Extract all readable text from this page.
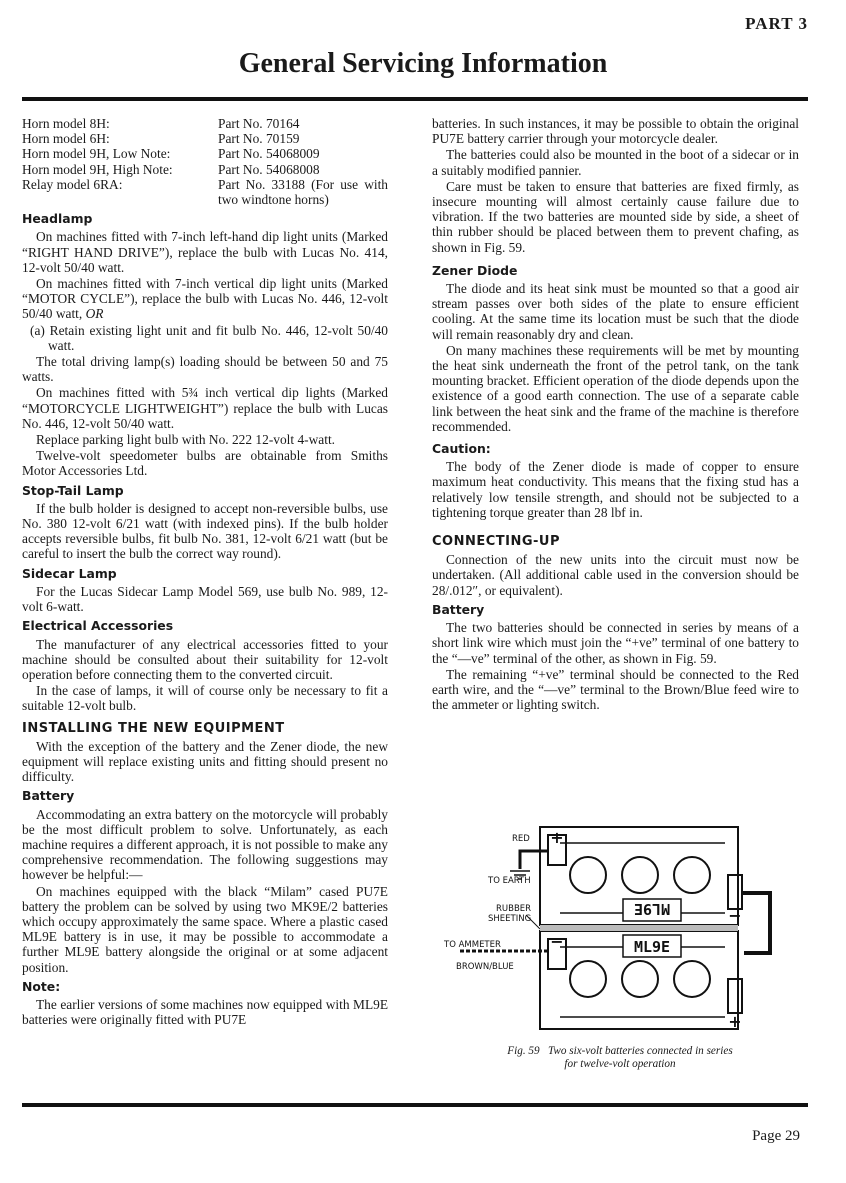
PART 3
General Servicing Information
Horn model 8H:	Part No. 70164
Horn model 6H:	Part No. 70159
Horn model 9H, Low Note:	Part No. 54068009
Horn model 9H, High Note:	Part No. 54068008
Relay model 6RA:	Part No. 33188 (For use with two windtone horns)
Headlamp
On machines fitted with 7-inch left-hand dip light units (Marked “RIGHT HAND DRIVE”), replace the bulb with Lucas No. 414, 12-volt 50/40 watt.
On machines fitted with 7-inch vertical dip light units (Marked “MOTOR CYCLE”), replace the bulb with Lucas No. 446, 12-volt 50/40 watt, OR
(a) Retain existing light unit and fit bulb No. 446, 12-volt 50/40 watt.
The total driving lamp(s) loading should be between 50 and 75 watts.
On machines fitted with 5¾ inch vertical dip lights (Marked “MOTORCYCLE LIGHTWEIGHT”) replace the bulb with Lucas No. 446, 12-volt 50/40 watt.
Replace parking light bulb with No. 222 12-volt 4-watt.
Twelve-volt speedometer bulbs are obtainable from Smiths Motor Accessories Ltd.
Stop-Tail Lamp
If the bulb holder is designed to accept non-reversible bulbs, use No. 380 12-volt 6/21 watt (with indexed pins). If the bulb holder accepts reversible bulbs, fit bulb No. 381, 12-volt 6/21 watt (but be careful to insert the bulb the correct way round).
Sidecar Lamp
For the Lucas Sidecar Lamp Model 569, use bulb No. 989, 12-volt 6-watt.
Electrical Accessories
The manufacturer of any electrical accessories fitted to your machine should be consulted about their suitability for 12-volt operation before connecting them to the converted circuit.
In the case of lamps, it will of course only be necessary to fit a suitable 12-volt bulb.
INSTALLING THE NEW EQUIPMENT
With the exception of the battery and the Zener diode, the new equipment will replace existing units and fitting should present no difficulty.
Battery
Accommodating an extra battery on the motorcycle will probably be the most difficult problem to solve. Unfortunately, as each machine requires a different approach, it is not possible to make any comprehensive recommendation. The following suggestions may however be helpful:—
On machines equipped with the black “Milam” cased PU7E battery the problem can be solved by using two MK9E/2 batteries which occupy approximately the same space. Where a plastic cased ML9E battery is in use, it may be possible to accommodate a further ML9E battery alongside the original or at some adjacent position.
Note:
The earlier versions of some machines now equipped with ML9E batteries were originally fitted with PU7E
batteries. In such instances, it may be possible to obtain the original PU7E battery carrier through your motorcycle dealer.
The batteries could also be mounted in the boot of a sidecar or in a suitably modified pannier.
Care must be taken to ensure that batteries are fixed firmly, as insecure mounting will almost certainly cause failure due to vibration. If the two batteries are mounted side by side, a sheet of thin rubber should be placed between them to prevent chafing, as shown in Fig. 59.
Zener Diode
The diode and its heat sink must be mounted so that a good air stream passes over both sides of the plate to ensure efficient cooling. At the same time its location must be such that the diode will remain reasonably dry and clean.
On many machines these requirements will be met by mounting the heat sink underneath the front of the petrol tank, on the tank mounting bracket. Efficient operation of the diode depends upon the existence of a good earth connection. The use of a separate cable link between the heat sink and the frame of the machine is therefore recommended.
Caution:
The body of the Zener diode is made of copper to ensure maximum heat conductivity. This means that the fixing stud has a relatively low tensile strength, and should not be subjected to a tightening torque greater than 28 lbf in.
CONNECTING-UP
Connection of the new units into the circuit must now be undertaken. (All additional cable used in the conversion should be 28/.012″, or equivalent).
Battery
The two batteries should be connected in series by means of a short link wire which must join the “+ve” terminal of one battery to the “—ve” terminal of the other, as shown in Fig. 59.
The remaining “+ve” terminal should be connected to the Red earth wire, and the “—ve” terminal to the Brown/Blue feed wire to the ammeter or lighting switch.
ML9E
ML9E
+
−
−
+
RED
TO EARTH
RUBBER
SHEETING
TO AMMETER
BROWN/BLUE
Fig. 59 Two six-volt batteries connected in series
for twelve-volt operation
Page 29
